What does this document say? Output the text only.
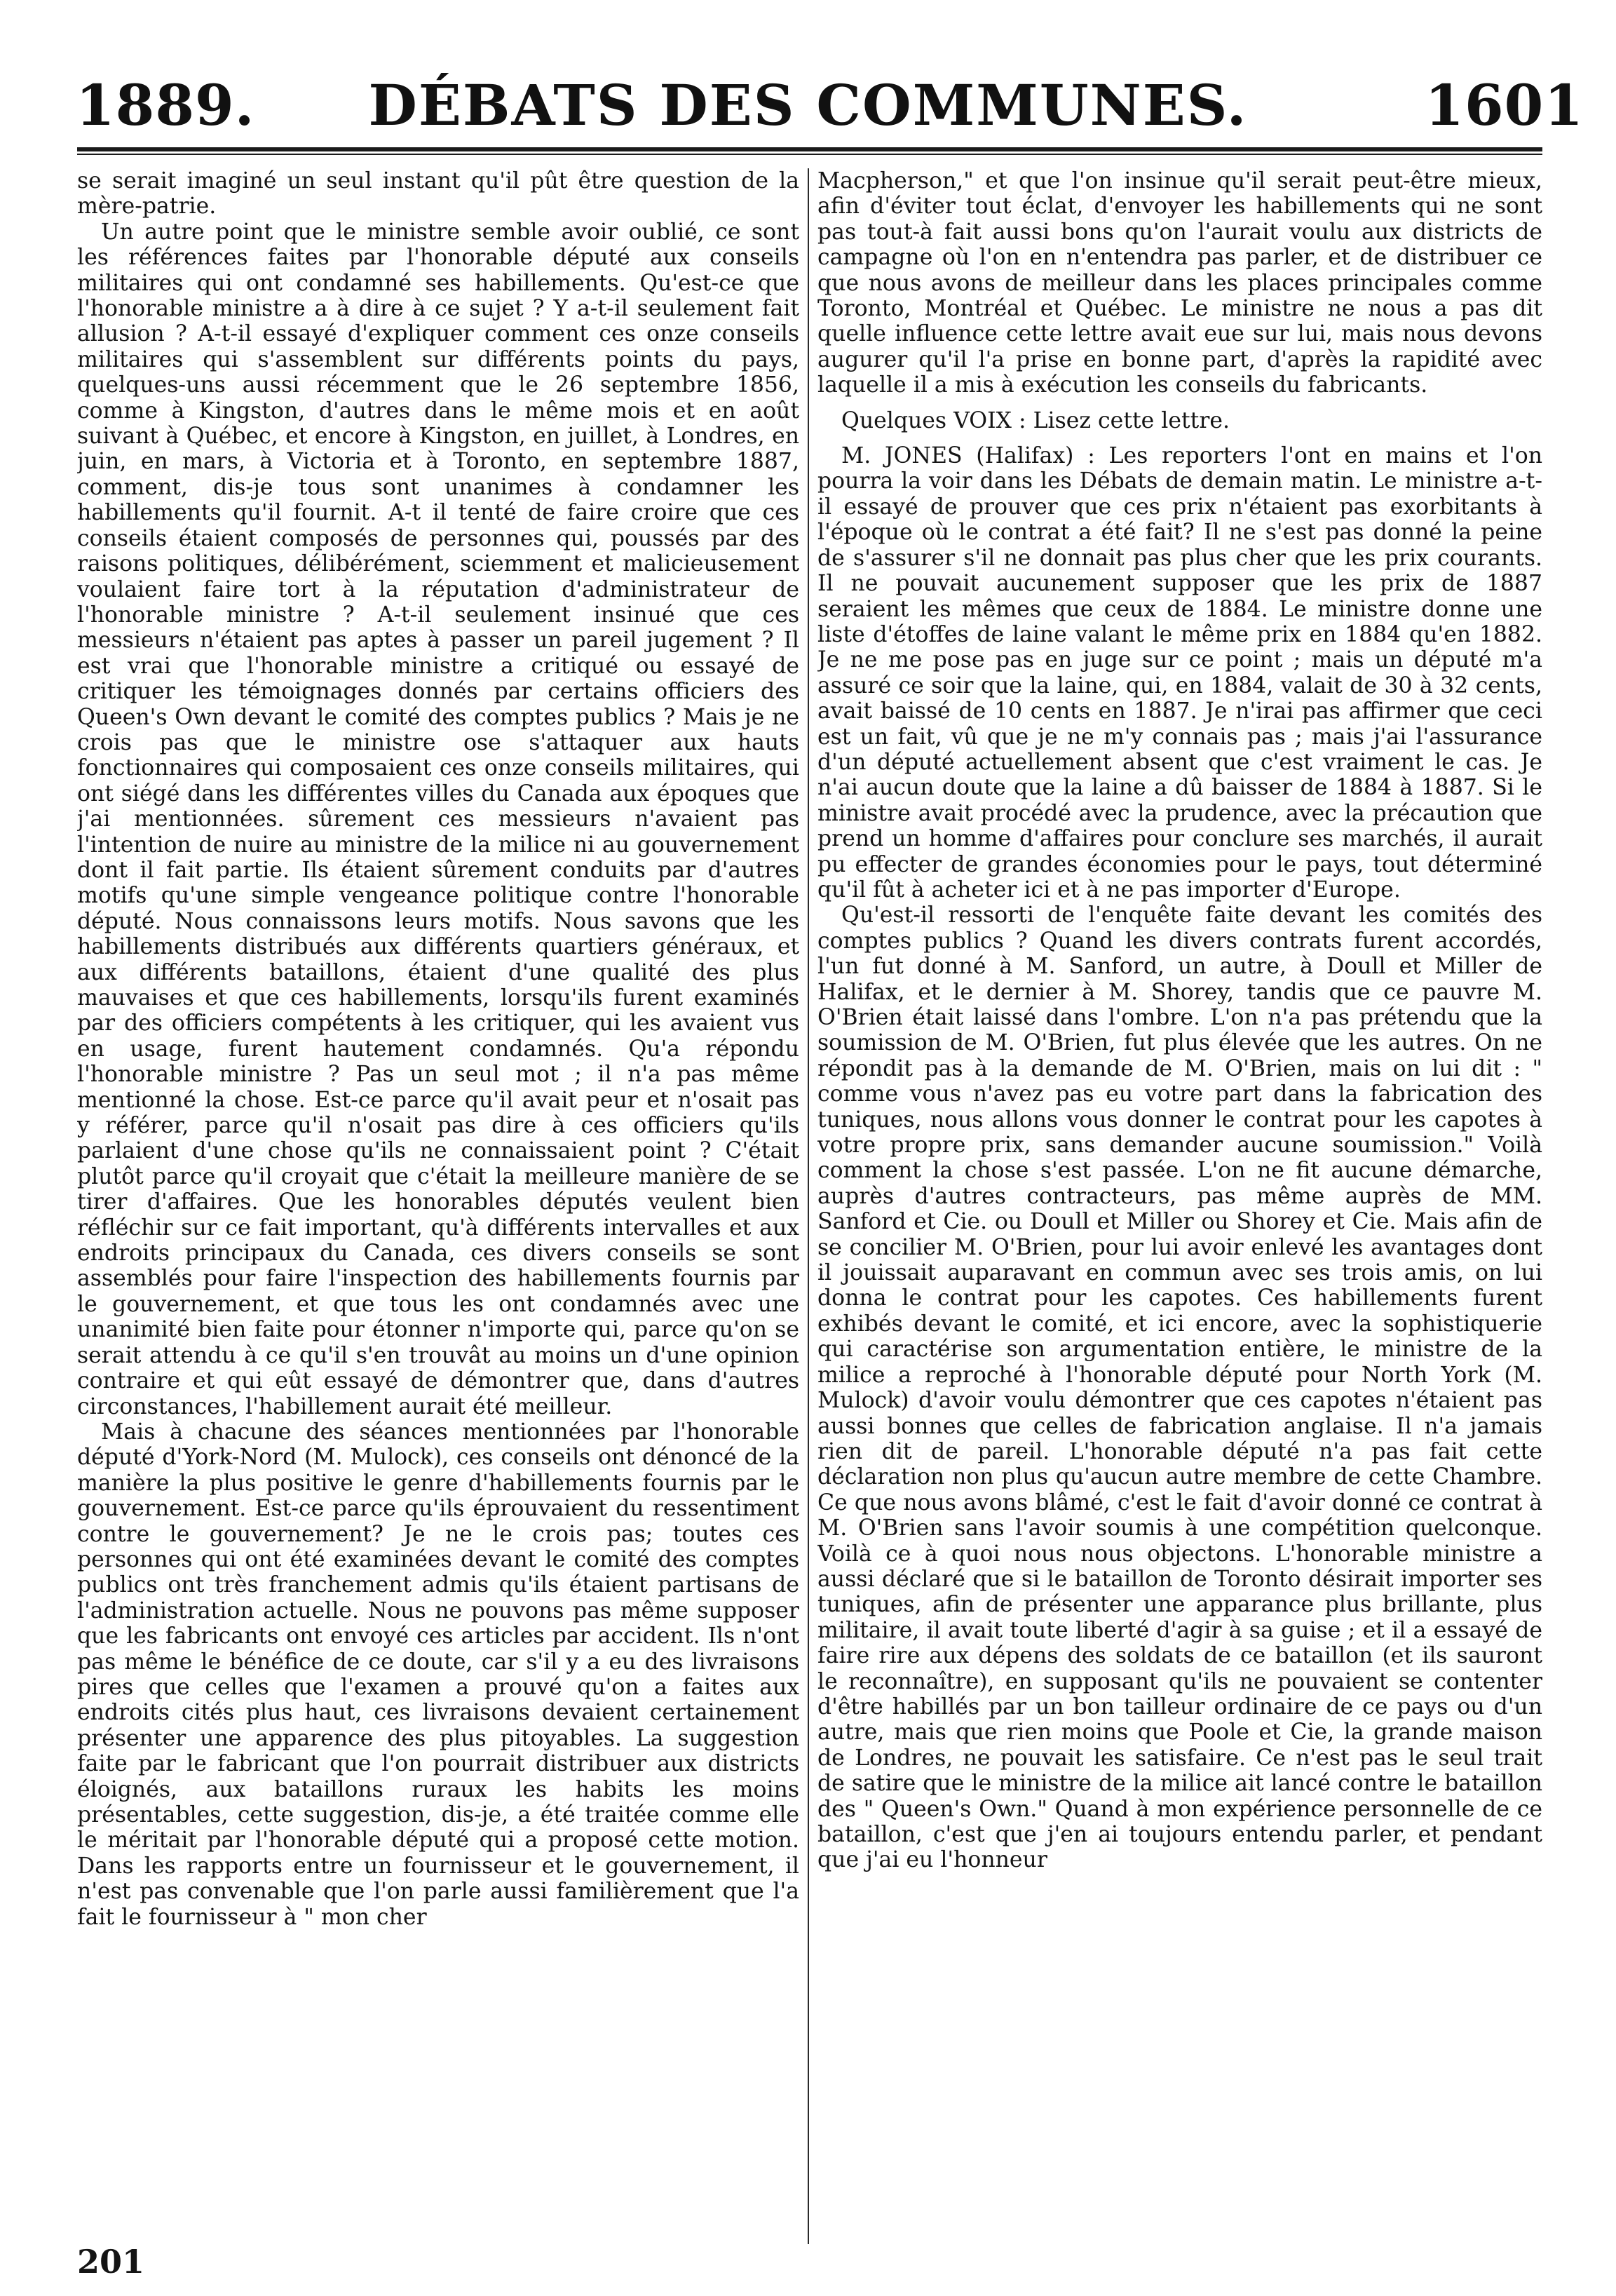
DÉBATS DES COMMUNES.
1889.	1601

se serait imaginé un seul instant qu'il pût être question de la mère-patrie.

Un autre point que le ministre semble avoir oublié, ce sont les références faites par l'honorable député aux conseils militaires qui ont condamné ses habillements. Qu'est-ce que l'honorable ministre a à dire à ce sujet ? Y a-t-il seulement fait allusion ? A-t-il essayé d'expliquer comment ces onze conseils militaires qui s'assemblent sur différents points du pays, quelques-uns aussi récemment que le 26 septembre 1856, comme à Kingston, d'autres dans le même mois et en août suivant à Québec, et encore à Kingston, en juillet, à Londres, en juin, en mars, à Victoria et à Toronto, en septembre 1887, comment, dis-je tous sont unanimes à condamner les habillements qu'il fournit. A-t il tenté de faire croire que ces conseils étaient composés de personnes qui, poussés par des raisons politiques, délibérément, sciemment et malicieusement voulaient faire tort à la réputation d'administrateur de l'honorable ministre ? A-t-il seulement insinué que ces messieurs n'étaient pas aptes à passer un pareil jugement ? Il est vrai que l'honorable ministre a critiqué ou essayé de critiquer les témoignages donnés par certains officiers des Queen's Own devant le comité des comptes publics ? Mais je ne crois pas que le ministre ose s'attaquer aux hauts fonctionnaires qui composaient ces onze conseils militaires, qui ont siégé dans les différentes villes du Canada aux époques que j'ai mentionnées. sûrement ces messieurs n'avaient pas l'intention de nuire au ministre de la milice ni au gouvernement dont il fait partie. Ils étaient sûrement conduits par d'autres motifs qu'une simple vengeance politique contre l'honorable député. Nous connaissons leurs motifs. Nous savons que les habillements distribués aux différents quartiers généraux, et aux différents bataillons, étaient d'une qualité des plus mauvaises et que ces habillements, lorsqu'ils furent examinés par des officiers compétents à les critiquer, qui les avaient vus en usage, furent hautement condamnés. Qu'a répondu l'honorable ministre ? Pas un seul mot ; il n'a pas même mentionné la chose. Est-ce parce qu'il avait peur et n'osait pas y référer, parce qu'il n'osait pas dire à ces officiers qu'ils parlaient d'une chose qu'ils ne connaissaient point ? C'était plutôt parce qu'il croyait que c'était la meilleure manière de se tirer d'affaires. Que les honorables députés veulent bien réfléchir sur ce fait important, qu'à différents intervalles et aux endroits principaux du Canada, ces divers conseils se sont assemblés pour faire l'inspection des habillements fournis par le gouvernement, et que tous les ont condamnés avec une unanimité bien faite pour étonner n'importe qui, parce qu'on se serait attendu à ce qu'il s'en trouvât au moins un d'une opinion contraire et qui eût essayé de démontrer que, dans d'autres circonstances, l'habillement aurait été meilleur.

Mais à chacune des séances mentionnées par l'honorable député d'York-Nord (M. Mulock), ces conseils ont dénoncé de la manière la plus positive le genre d'habillements fournis par le gouvernement. Est-ce parce qu'ils éprouvaient du ressentiment contre le gouvernement? Je ne le crois pas; toutes ces personnes qui ont été examinées devant le comité des comptes publics ont très franchement admis qu'ils étaient partisans de l'administration actuelle. Nous ne pouvons pas même supposer que les fabricants ont envoyé ces articles par accident. Ils n'ont pas même le bénéfice de ce doute, car s'il y a eu des livraisons pires que celles que l'examen a prouvé qu'on a faites aux endroits cités plus haut, ces livraisons devaient certainement présenter une apparence des plus pitoyables. La suggestion faite par le fabricant que l'on pourrait distribuer aux districts éloignés, aux bataillons ruraux les habits les moins présentables, cette suggestion, dis-je, a été traitée comme elle le méritait par l'honorable député qui a proposé cette motion. Dans les rapports entre un fournisseur et le gouvernement, il n'est pas convenable que l'on parle aussi familièrement que l'a fait le fournisseur à " mon cher

Macpherson," et que l'on insinue qu'il serait peut-être mieux, afin d'éviter tout éclat, d'envoyer les habillements qui ne sont pas tout-à fait aussi bons qu'on l'aurait voulu aux districts de campagne où l'on en n'entendra pas parler, et de distribuer ce que nous avons de meilleur dans les places principales comme Toronto, Montréal et Québec. Le ministre ne nous a pas dit quelle influence cette lettre avait eue sur lui, mais nous devons augurer qu'il l'a prise en bonne part, d'après la rapidité avec laquelle il a mis à exécution les conseils du fabricants.

Quelques VOIX : Lisez cette lettre.

M. JONES (Halifax) : Les reporters l'ont en mains et l'on pourra la voir dans les Débats de demain matin. Le ministre a-t-il essayé de prouver que ces prix n'étaient pas exorbitants à l'époque où le contrat a été fait? Il ne s'est pas donné la peine de s'assurer s'il ne donnait pas plus cher que les prix courants. Il ne pouvait aucunement supposer que les prix de 1887 seraient les mêmes que ceux de 1884. Le ministre donne une liste d'étoffes de laine valant le même prix en 1884 qu'en 1882. Je ne me pose pas en juge sur ce point ; mais un député m'a assuré ce soir que la laine, qui, en 1884, valait de 30 à 32 cents, avait baissé de 10 cents en 1887. Je n'irai pas affirmer que ceci est un fait, vû que je ne m'y connais pas ; mais j'ai l'assurance d'un député actuellement absent que c'est vraiment le cas. Je n'ai aucun doute que la laine a dû baisser de 1884 à 1887. Si le ministre avait procédé avec la prudence, avec la précaution que prend un homme d'affaires pour conclure ses marchés, il aurait pu effecter de grandes économies pour le pays, tout déterminé qu'il fût à acheter ici et à ne pas importer d'Europe.

Qu'est-il ressorti de l'enquête faite devant les comités des comptes publics ? Quand les divers contrats furent accordés, l'un fut donné à M. Sanford, un autre, à Doull et Miller de Halifax, et le dernier à M. Shorey, tandis que ce pauvre M. O'Brien était laissé dans l'ombre. L'on n'a pas prétendu que la soumission de M. O'Brien, fut plus élevée que les autres. On ne répondit pas à la demande de M. O'Brien, mais on lui dit : " comme vous n'avez pas eu votre part dans la fabrication des tuniques, nous allons vous donner le contrat pour les capotes à votre propre prix, sans demander aucune soumission." Voilà comment la chose s'est passée. L'on ne fit aucune démarche, auprès d'autres contracteurs, pas même auprès de MM. Sanford et Cie. ou Doull et Miller ou Shorey et Cie. Mais afin de se concilier M. O'Brien, pour lui avoir enlevé les avantages dont il jouissait auparavant en commun avec ses trois amis, on lui donna le contrat pour les capotes. Ces habillements furent exhibés devant le comité, et ici encore, avec la sophistiquerie qui caractérise son argumentation entière, le ministre de la milice a reproché à l'honorable député pour North York (M. Mulock) d'avoir voulu démontrer que ces capotes n'étaient pas aussi bonnes que celles de fabrication anglaise. Il n'a jamais rien dit de pareil. L'honorable député n'a pas fait cette déclaration non plus qu'aucun autre membre de cette Chambre. Ce que nous avons blâmé, c'est le fait d'avoir donné ce contrat à M. O'Brien sans l'avoir soumis à une compétition quelconque. Voilà ce à quoi nous nous objectons. L'honorable ministre a aussi déclaré que si le bataillon de Toronto désirait importer ses tuniques, afin de présenter une apparance plus brillante, plus militaire, il avait toute liberté d'agir à sa guise ; et il a essayé de faire rire aux dépens des soldats de ce bataillon (et ils sauront le reconnaître), en supposant qu'ils ne pouvaient se contenter d'être habillés par un bon tailleur ordinaire de ce pays ou d'un autre, mais que rien moins que Poole et Cie, la grande maison de Londres, ne pouvait les satisfaire. Ce n'est pas le seul trait de satire que le ministre de la milice ait lancé contre le bataillon des " Queen's Own." Quand à mon expérience personnelle de ce bataillon, c'est que j'en ai toujours entendu parler, et pendant que j'ai eu l'honneur

201
